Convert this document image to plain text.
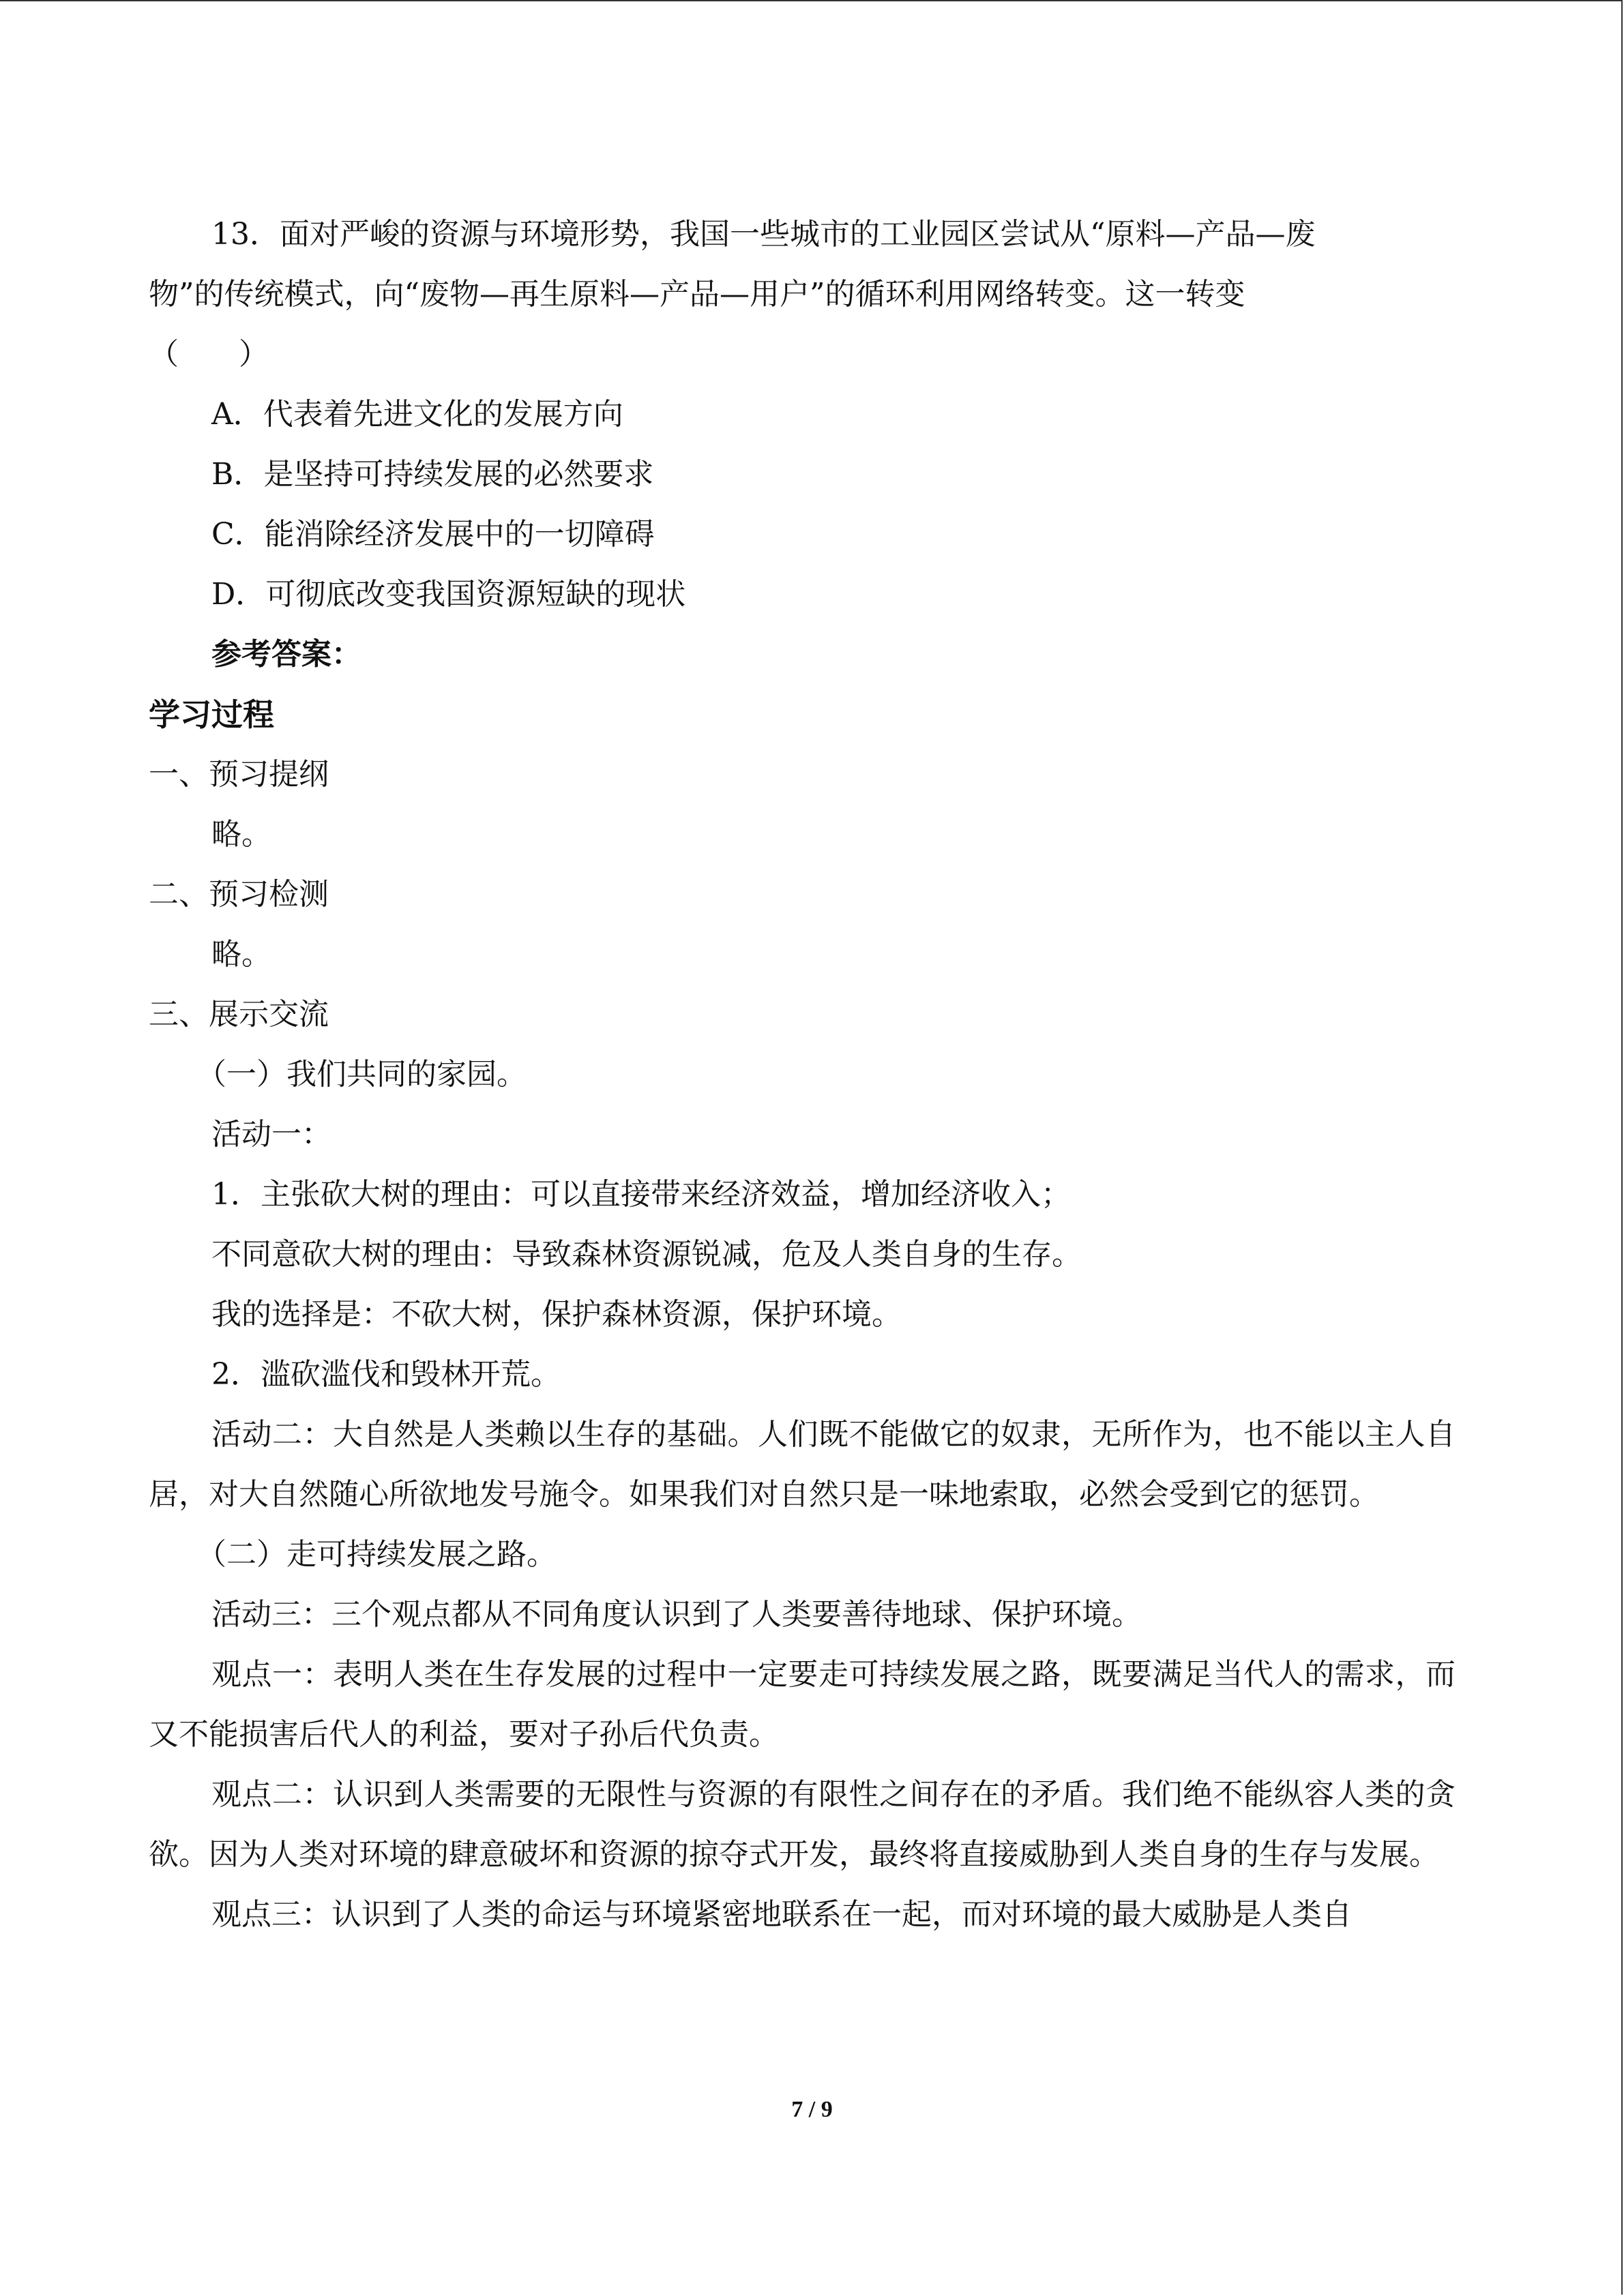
13．面对严峻的资源与环境形势，我国一些城市的工业园区尝试从“原料—产品—废
物”的传统模式，向“废物—再生原料—产品—用户”的循环利用网络转变。这一转变
（　　）
A．代表着先进文化的发展方向
B．是坚持可持续发展的必然要求
C．能消除经济发展中的一切障碍
D．可彻底改变我国资源短缺的现状
参考答案：
学习过程
一、预习提纲
略。
二、预习检测
略。
三、展示交流
（一）我们共同的家园。
活动一：
1．主张砍大树的理由：可以直接带来经济效益，增加经济收入；
不同意砍大树的理由：导致森林资源锐减，危及人类自身的生存。
我的选择是：不砍大树，保护森林资源，保护环境。
2．滥砍滥伐和毁林开荒。

活动二：大自然是人类赖以生存的基础。人们既不能做它的奴隶，无所作为，也不能以主人自居，对大自然随心所欲地发号施令。如果我们对自然只是一味地索取，必然会受到它的惩罚。

（二）走可持续发展之路。
活动三：三个观点都从不同角度认识到了人类要善待地球、保护环境。

观点一：表明人类在生存发展的过程中一定要走可持续发展之路，既要满足当代人的需求，而又不能损害后代人的利益，要对子孙后代负责。

观点二：认识到人类需要的无限性与资源的有限性之间存在的矛盾。我们绝不能纵容人类的贪欲。因为人类对环境的肆意破坏和资源的掠夺式开发，最终将直接威胁到人类自身的生存与发展。

观点三：认识到了人类的命运与环境紧密地联系在一起，而对环境的最大威胁是人类自

7 / 9
